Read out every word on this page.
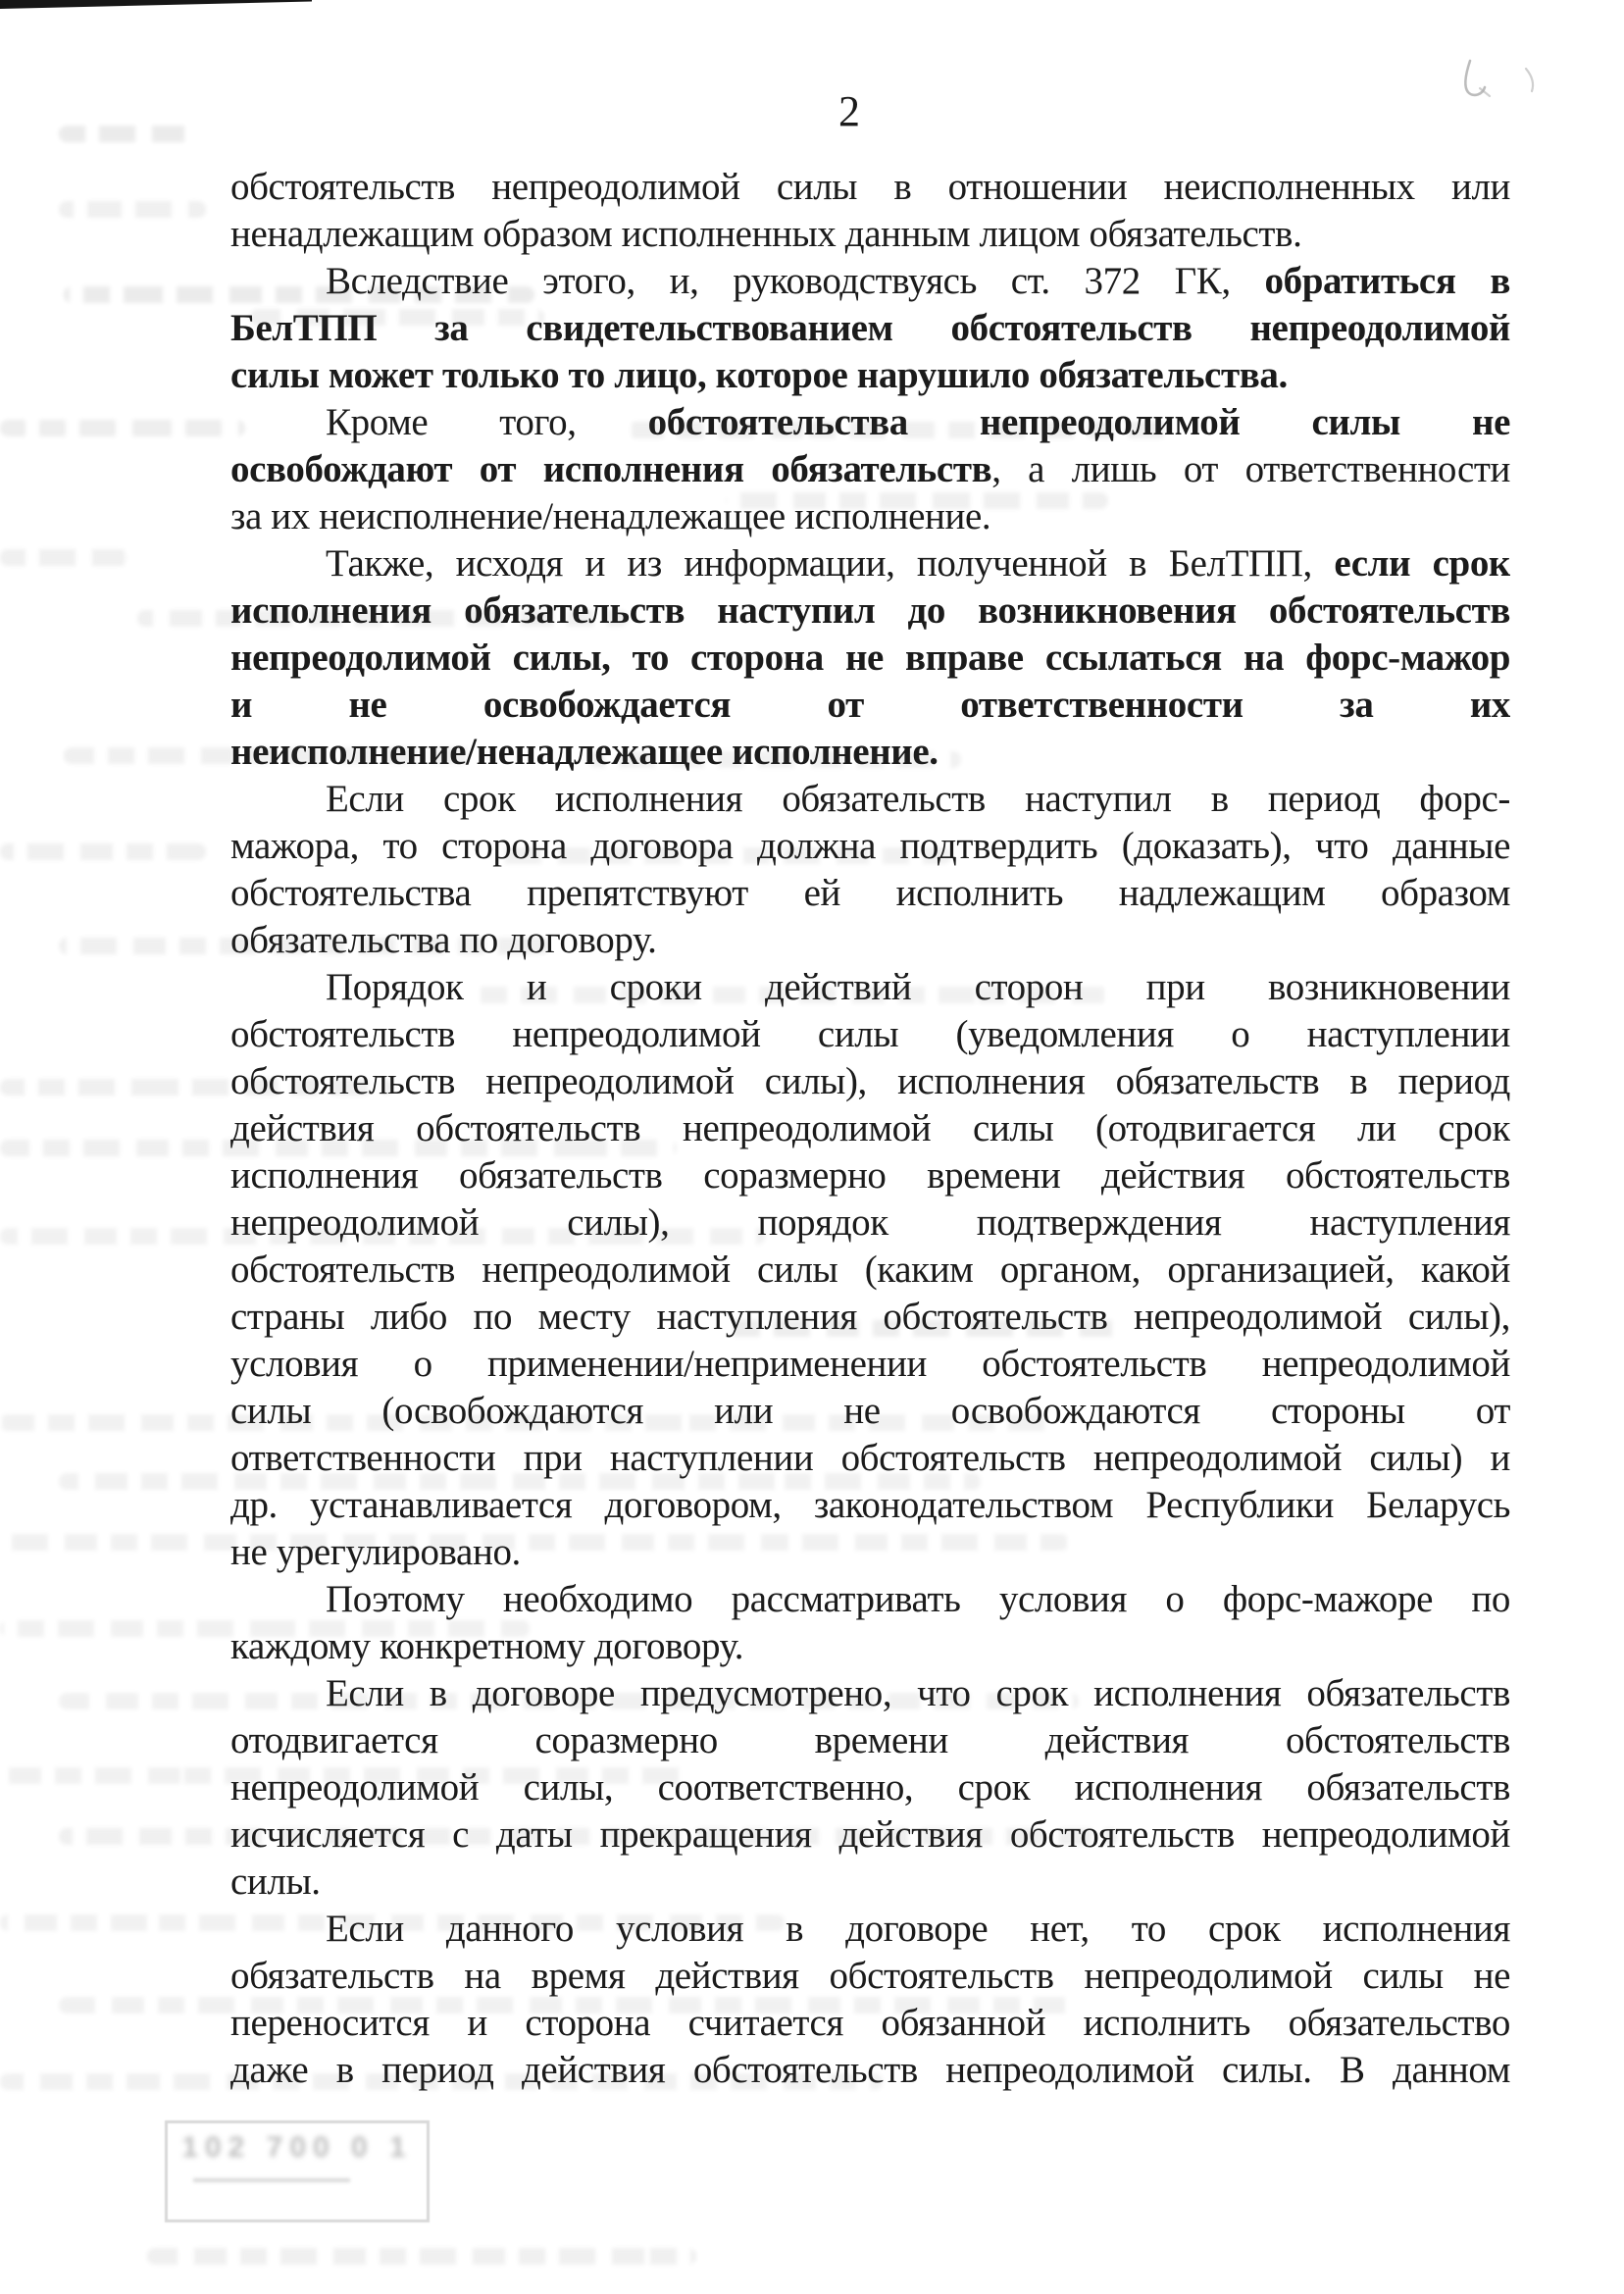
2
обстоятельств непреодолимой силы в отношении неисполненных или
ненадлежащим образом исполненных данным лицом обязательств.
Вследствие этого, и, руководствуясь ст. 372 ГК, обратиться в
БелТПП за свидетельствованием обстоятельств непреодолимой
силы может только то лицо, которое нарушило обязательства.
Кроме того, обстоятельства непреодолимой силы не
освобождают от исполнения обязательств, а лишь от ответственности
за их неисполнение/ненадлежащее исполнение.
Также, исходя и из информации, полученной в БелТПП, если срок
исполнения обязательств наступил до возникновения обстоятельств
непреодолимой силы, то сторона не вправе ссылаться на форс-мажор
и не освобождается от ответственности за их
неисполнение/ненадлежащее исполнение.
Если срок исполнения обязательств наступил в период форс-
мажора, то сторона договора должна подтвердить (доказать), что данные
обстоятельства препятствуют ей исполнить надлежащим образом
обязательства по договору.
Порядок и сроки действий сторон при возникновении
обстоятельств непреодолимой силы (уведомления о наступлении
обстоятельств непреодолимой силы), исполнения обязательств в период
действия обстоятельств непреодолимой силы (отодвигается ли срок
исполнения обязательств соразмерно времени действия обстоятельств
непреодолимой силы), порядок подтверждения наступления
обстоятельств непреодолимой силы (каким органом, организацией, какой
страны либо по месту наступления обстоятельств непреодолимой силы),
условия о применении/неприменении обстоятельств непреодолимой
силы (освобождаются или не освобождаются стороны от
ответственности при наступлении обстоятельств непреодолимой силы) и
др. устанавливается договором, законодательством Республики Беларусь
не урегулировано.
Поэтому необходимо рассматривать условия о форс-мажоре по
каждому конкретному договору.
Если в договоре предусмотрено, что срок исполнения обязательств
отодвигается соразмерно времени действия обстоятельств
непреодолимой силы, соответственно, срок исполнения обязательств
исчисляется с даты прекращения действия обстоятельств непреодолимой
силы.
Если данного условия в договоре нет, то срок исполнения
обязательств на время действия обстоятельств непреодолимой силы не
переносится и сторона считается обязанной исполнить обязательство
даже в период действия обстоятельств непреодолимой силы. В данном
102 700 0 1
